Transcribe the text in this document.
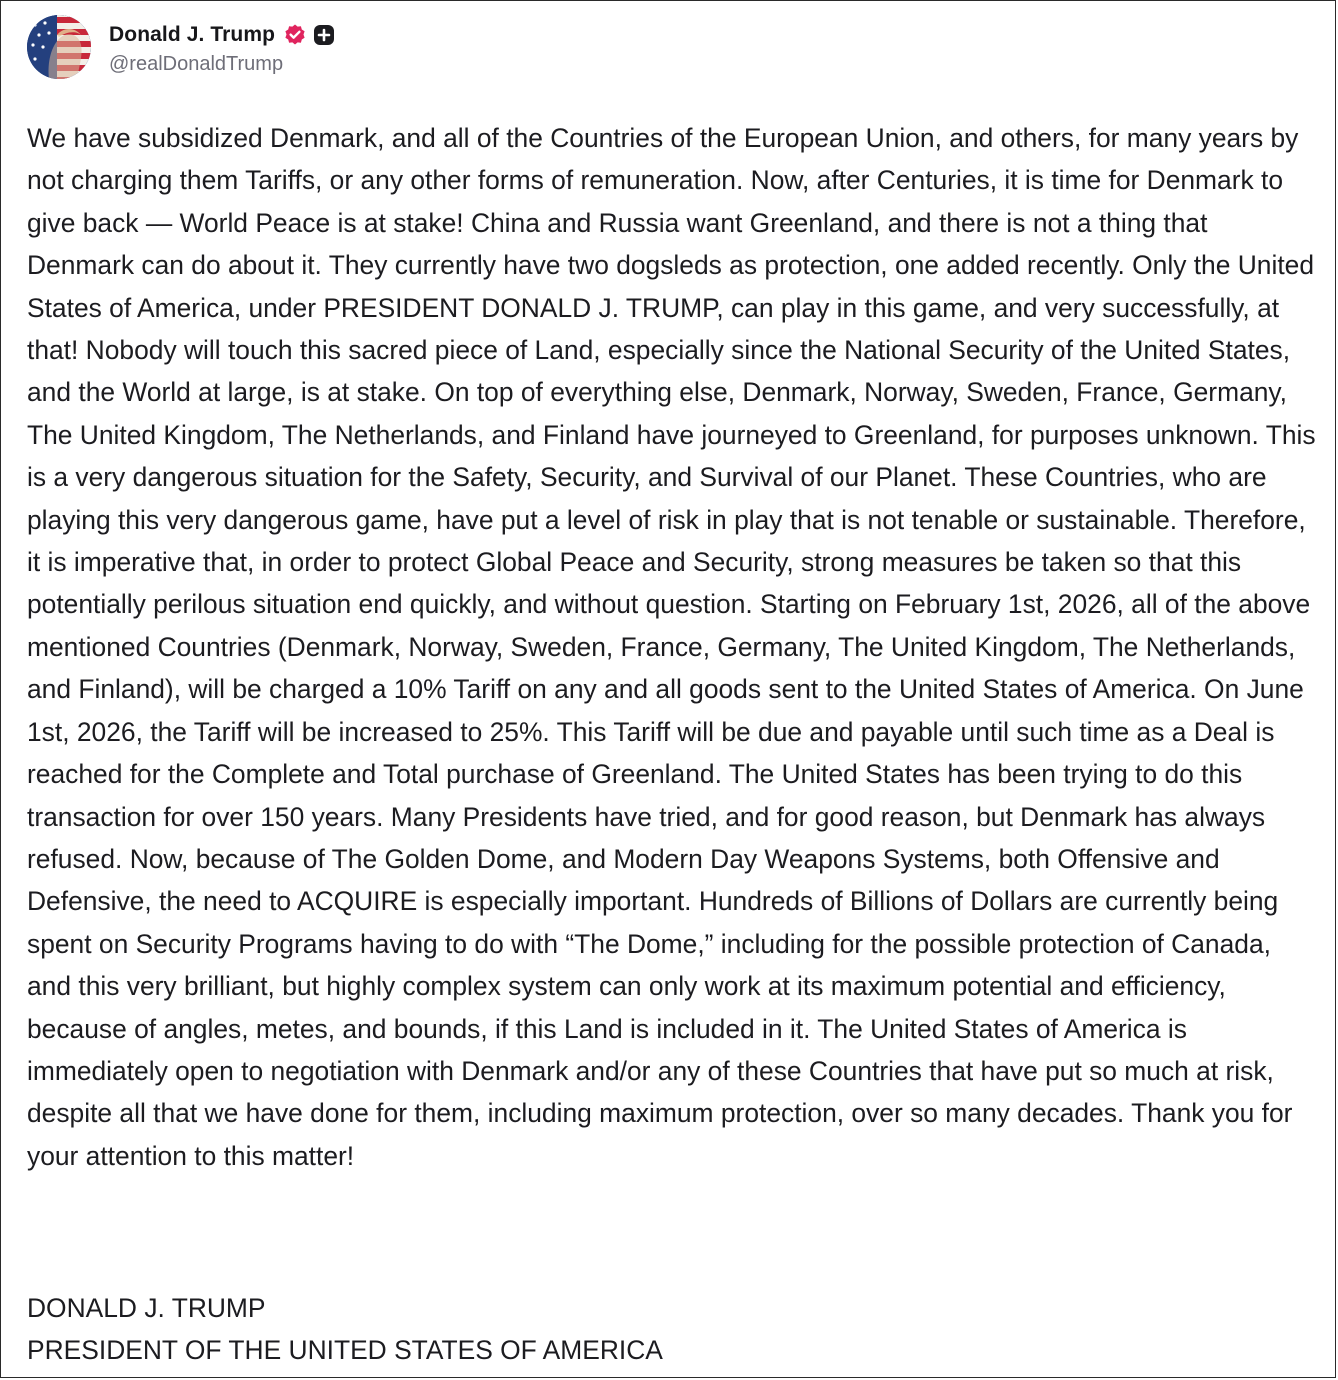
Donald J. Trump
@realDonaldTrump

We have subsidized Denmark, and all of the Countries of the European Union, and others, for many years by not charging them Tariffs, or any other forms of remuneration. Now, after Centuries, it is time for Denmark to give back — World Peace is at stake! China and Russia want Greenland, and there is not a thing that Denmark can do about it. They currently have two dogsleds as protection, one added recently. Only the United States of America, under PRESIDENT DONALD J. TRUMP, can play in this game, and very successfully, at that! Nobody will touch this sacred piece of Land, especially since the National Security of the United States, and the World at large, is at stake. On top of everything else, Denmark, Norway, Sweden, France, Germany, The United Kingdom, The Netherlands, and Finland have journeyed to Greenland, for purposes unknown. This is a very dangerous situation for the Safety, Security, and Survival of our Planet. These Countries, who are playing this very dangerous game, have put a level of risk in play that is not tenable or sustainable. Therefore, it is imperative that, in order to protect Global Peace and Security, strong measures be taken so that this potentially perilous situation end quickly, and without question. Starting on February 1st, 2026, all of the above mentioned Countries (Denmark, Norway, Sweden, France, Germany, The United Kingdom, The Netherlands, and Finland), will be charged a 10% Tariff on any and all goods sent to the United States of America. On June 1st, 2026, the Tariff will be increased to 25%. This Tariff will be due and payable until such time as a Deal is reached for the Complete and Total purchase of Greenland. The United States has been trying to do this transaction for over 150 years. Many Presidents have tried, and for good reason, but Denmark has always refused. Now, because of The Golden Dome, and Modern Day Weapons Systems, both Offensive and Defensive, the need to ACQUIRE is especially important. Hundreds of Billions of Dollars are currently being spent on Security Programs having to do with “The Dome,” including for the possible protection of Canada, and this very brilliant, but highly complex system can only work at its maximum potential and efficiency, because of angles, metes, and bounds, if this Land is included in it. The United States of America is immediately open to negotiation with Denmark and/or any of these Countries that have put so much at risk, despite all that we have done for them, including maximum protection, over so many decades. Thank you for your attention to this matter!

DONALD J. TRUMP
PRESIDENT OF THE UNITED STATES OF AMERICA
